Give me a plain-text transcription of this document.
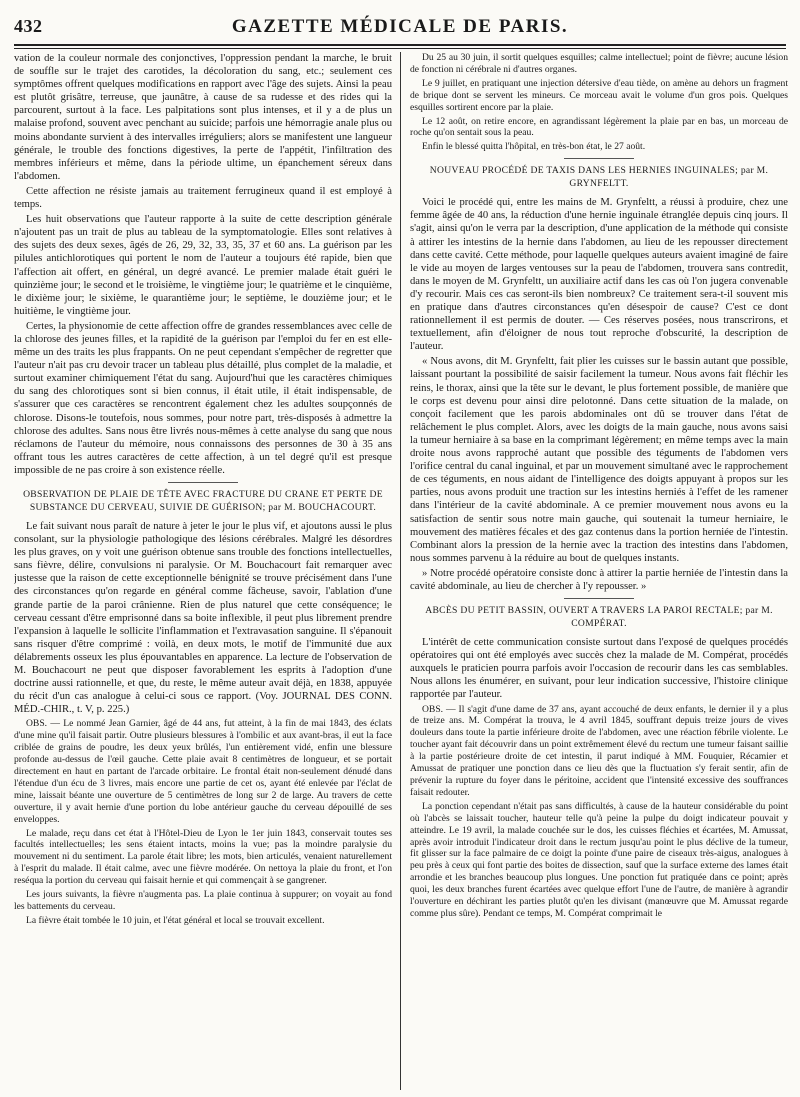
432	GAZETTE MÉDICALE DE PARIS.

vation de la couleur normale des conjonctives, l'oppression pendant la marche, le bruit de souffle sur le trajet des carotides, la décoloration du sang, etc.; seulement ces symptômes offrent quelques modifications en rapport avec l'âge des sujets. Ainsi la peau est plutôt grisâtre, terreuse, que jaunâtre, à cause de sa rudesse et des rides qui la parcourent, surtout à la face. Les palpitations sont plus intenses, et il y a de plus un malaise profond, souvent avec penchant au suicide; parfois une hémorragie anale plus ou moins abondante survient à des intervalles irréguliers; alors se manifestent une langueur générale, le trouble des fonctions digestives, la perte de l'appétit, l'infiltration des membres inférieurs et même, dans la période ultime, un épanchement séreux dans l'abdomen.

Cette affection ne résiste jamais au traitement ferrugineux quand il est employé à temps.

Les huit observations que l'auteur rapporte à la suite de cette description générale n'ajoutent pas un trait de plus au tableau de la symptomatologie. Elles sont relatives à des sujets des deux sexes, âgés de 26, 29, 32, 33, 35, 37 et 60 ans. La guérison par les pilules antichlorotiques qui portent le nom de l'auteur a toujours été rapide, bien que l'affection ait offert, en général, un degré avancé. Le premier malade était guéri le quinzième jour; le second et le troisième, le vingtième jour; le quatrième et le cinquième, le dixième jour; le sixième, le quarantième jour; le septième, le douzième jour; et le huitième, le vingtième jour.

Certes, la physionomie de cette affection offre de grandes ressemblances avec celle de la chlorose des jeunes filles, et la rapidité de la guérison par l'emploi du fer en est elle-même un des traits les plus frappants. On ne peut cependant s'empêcher de regretter que l'auteur n'ait pas cru devoir tracer un tableau plus détaillé, plus complet de la maladie, et surtout examiner chimiquement l'état du sang. Aujourd'hui que les caractères chimiques du sang des chlorotiques sont si bien connus, il était utile, il était indispensable, de s'assurer que ces caractères se rencontrent également chez les adultes soupçonnés de chlorose. Disons-le toutefois, nous sommes, pour notre part, très-disposés à admettre la chlorose des adultes. Sans nous être livrés nous-mêmes à cette analyse du sang que nous réclamons de l'auteur du mémoire, nous connaissons des personnes de 30 à 35 ans offrant tous les autres caractères de cette affection, à un tel degré qu'il est presque impossible de ne pas croire à son existence réelle.

OBSERVATION DE PLAIE DE TÊTE AVEC FRACTURE DU CRANE ET PERTE DE SUBSTANCE DU CERVEAU, SUIVIE DE GUÉRISON; par M. BOUCHACOURT.

Le fait suivant nous paraît de nature à jeter le jour le plus vif, et ajoutons aussi le plus consolant, sur la physiologie pathologique des lésions cérébrales. Malgré les désordres les plus graves, on y voit une guérison obtenue sans trouble des fonctions intellectuelles, sans fièvre, délire, convulsions ni paralysie. Or M. Bouchacourt fait remarquer avec justesse que la raison de cette exceptionnelle bénignité se trouve précisément dans l'une des circonstances qu'on regarde en général comme fâcheuse, savoir, l'ablation d'une grande partie de la paroi crânienne. Rien de plus naturel que cette conséquence; le cerveau cessant d'être emprisonné dans sa boite inflexible, il peut plus librement prendre l'expansion à laquelle le sollicite l'inflammation et l'extravasation sanguine. Il s'épanouit sans risquer d'être comprimé : voilà, en deux mots, le motif de l'immunité due aux délabrements osseux les plus épouvantables en apparence. La lecture de l'observation de M. Bouchacourt ne peut que disposer favorablement les esprits à l'adoption d'une doctrine aussi rationnelle, et que, du reste, le même auteur avait déjà, en 1838, appuyée du récit d'un cas analogue à celui-ci sous ce rapport. (Voy. JOURNAL DES CONN. MÉD.-CHIR., t. V, p. 225.)

OBS. — Le nommé Jean Garnier, âgé de 44 ans, fut atteint, à la fin de mai 1843, des éclats d'une mine qu'il faisait partir. Outre plusieurs blessures à l'ombilic et aux avant-bras, il eut la face criblée de grains de poudre, les deux yeux brûlés, l'un entièrement vidé, enfin une blessure profonde au-dessus de l'œil gauche. Cette plaie avait 8 centimètres de longueur, et se portait directement en haut en partant de l'arcade orbitaire. Le frontal était non-seulement dénudé dans l'étendue d'un écu de 3 livres, mais encore une partie de cet os, ayant été enlevée par l'éclat de mine, laissait béante une ouverture de 5 centimètres de long sur 2 de large. Au travers de cette ouverture, il y avait hernie d'une portion du lobe antérieur gauche du cerveau dépouillé de ses enveloppes.

Le malade, reçu dans cet état à l'Hôtel-Dieu de Lyon le 1er juin 1843, conservait toutes ses facultés intellectuelles; les sens étaient intacts, moins la vue; pas la moindre paralysie du mouvement ni du sentiment. La parole était libre; les mots, bien articulés, venaient naturellement à l'esprit du malade. Il était calme, avec une fièvre modérée. On nettoya la plaie du front, et l'on reséqua la portion du cerveau qui faisait hernie et qui commençait à se gangrener.

Les jours suivants, la fièvre n'augmenta pas. La plaie continua à suppurer; on voyait au fond les battements du cerveau.

La fièvre était tombée le 10 juin, et l'état général et local se trouvait excellent.

Du 25 au 30 juin, il sortit quelques esquilles; calme intellectuel; point de fièvre; aucune lésion de fonction ni cérébrale ni d'autres organes.

Le 9 juillet, en pratiquant une injection détersive d'eau tiède, on amène au dehors un fragment de brique dont se servent les mineurs. Ce morceau avait le volume d'un gros pois. Quelques esquilles sortirent encore par la plaie.

Le 12 août, on retire encore, en agrandissant légèrement la plaie par en bas, un morceau de roche qu'on sentait sous la peau.

Enfin le blessé quitta l'hôpital, en très-bon état, le 27 août.

NOUVEAU PROCÉDÉ DE TAXIS DANS LES HERNIES INGUINALES; par M. GRYNFELTT.

Voici le procédé qui, entre les mains de M. Grynfeltt, a réussi à produire, chez une femme âgée de 40 ans, la réduction d'une hernie inguinale étranglée depuis cinq jours. Il s'agit, ainsi qu'on le verra par la description, d'une application de la méthode qui consiste à attirer les intestins de la hernie dans l'abdomen, au lieu de les repousser directement dans cette cavité. Cette méthode, pour laquelle quelques auteurs avaient imaginé de faire le vide au moyen de larges ventouses sur la peau de l'abdomen, trouvera sans contredit, dans le moyen de M. Grynfeltt, un auxiliaire actif dans les cas où l'on jugera convenable d'y recourir. Mais ces cas seront-ils bien nombreux? Ce traitement sera-t-il souvent mis en pratique dans d'autres circonstances qu'en désespoir de cause? C'est ce dont rationnellement il est permis de douter. — Ces réserves posées, nous transcrirons, et textuellement, afin d'éloigner de nous tout reproche d'obscurité, la description de l'auteur.

« Nous avons, dit M. Grynfeltt, fait plier les cuisses sur le bassin autant que possible, laissant pourtant la possibilité de saisir facilement la tumeur. Nous avons fait fléchir les reins, le thorax, ainsi que la tête sur le devant, le plus fortement possible, de manière que le corps est devenu pour ainsi dire pelotonné. Dans cette situation de la malade, on conçoit facilement que les parois abdominales ont dû se trouver dans l'état de relâchement le plus complet. Alors, avec les doigts de la main gauche, nous avons saisi la tumeur herniaire à sa base en la comprimant légèrement; en même temps avec la main droite nous avons rapproché autant que possible des téguments de l'abdomen vers l'orifice central du canal inguinal, et par un mouvement simultané avec le rapprochement de ces téguments, en nous aidant de l'intelligence des doigts appuyant à propos sur les parties, nous avons produit une traction sur les intestins herniés à l'effet de les ramener dans l'intérieur de la cavité abdominale. A ce premier mouvement nous avons eu la satisfaction de sentir sous notre main gauche, qui soutenait la tumeur herniaire, le mouvement des matières fécales et des gaz contenus dans la portion herniée de l'intestin. Combinant alors la pression de la hernie avec la traction des intestins dans l'abdomen, nous sommes parvenu à la réduire au bout de quelques instants.

» Notre procédé opératoire consiste donc à attirer la partie herniée de l'intestin dans la cavité abdominale, au lieu de chercher à l'y repousser. »

ABCÈS DU PETIT BASSIN, OUVERT A TRAVERS LA PAROI RECTALE; par M. COMPÉRAT.

L'intérêt de cette communication consiste surtout dans l'exposé de quelques procédés opératoires qui ont été employés avec succès chez la malade de M. Compérat, procédés auxquels le praticien pourra parfois avoir l'occasion de recourir dans les cas semblables. Nous allons les énumérer, en suivant, pour leur indication successive, l'histoire clinique rapportée par l'auteur.

OBS. — Il s'agit d'une dame de 37 ans, ayant accouché de deux enfants, le dernier il y a plus de treize ans. M. Compérat la trouva, le 4 avril 1845, souffrant depuis treize jours de vives douleurs dans toute la partie inférieure droite de l'abdomen, avec une réaction fébrile violente. Le toucher ayant fait découvrir dans un point extrêmement élevé du rectum une tumeur faisant saillie à la partie postérieure droite de cet intestin, il parut indiqué à MM. Fouquier, Récamier et Amussat de pratiquer une ponction dans ce lieu dès que la fluctuation s'y ferait sentir, afin de prévenir la rupture du foyer dans le péritoine, accident que l'intensité excessive des souffrances faisait redouter.

La ponction cependant n'était pas sans difficultés, à cause de la hauteur considérable du point où l'abcès se laissait toucher, hauteur telle qu'à peine la pulpe du doigt indicateur pouvait y atteindre. Le 19 avril, la malade couchée sur le dos, les cuisses fléchies et écartées, M. Amussat, après avoir introduit l'indicateur droit dans le rectum jusqu'au point le plus déclive de la tumeur, fit glisser sur la face palmaire de ce doigt la pointe d'une paire de ciseaux très-aigus, analogues à peu près à ceux qui font partie des boites de dissection, sauf que la surface externe des lames était arrondie et les branches beaucoup plus longues. Une ponction fut pratiquée dans ce point; après quoi, les deux branches furent écartées avec quelque effort l'une de l'autre, de manière à agrandir l'ouverture en déchirant les parties plutôt qu'en les divisant (manœuvre que M. Amussat regarde comme plus sûre). Pendant ce temps, M. Compérat comprimait le
